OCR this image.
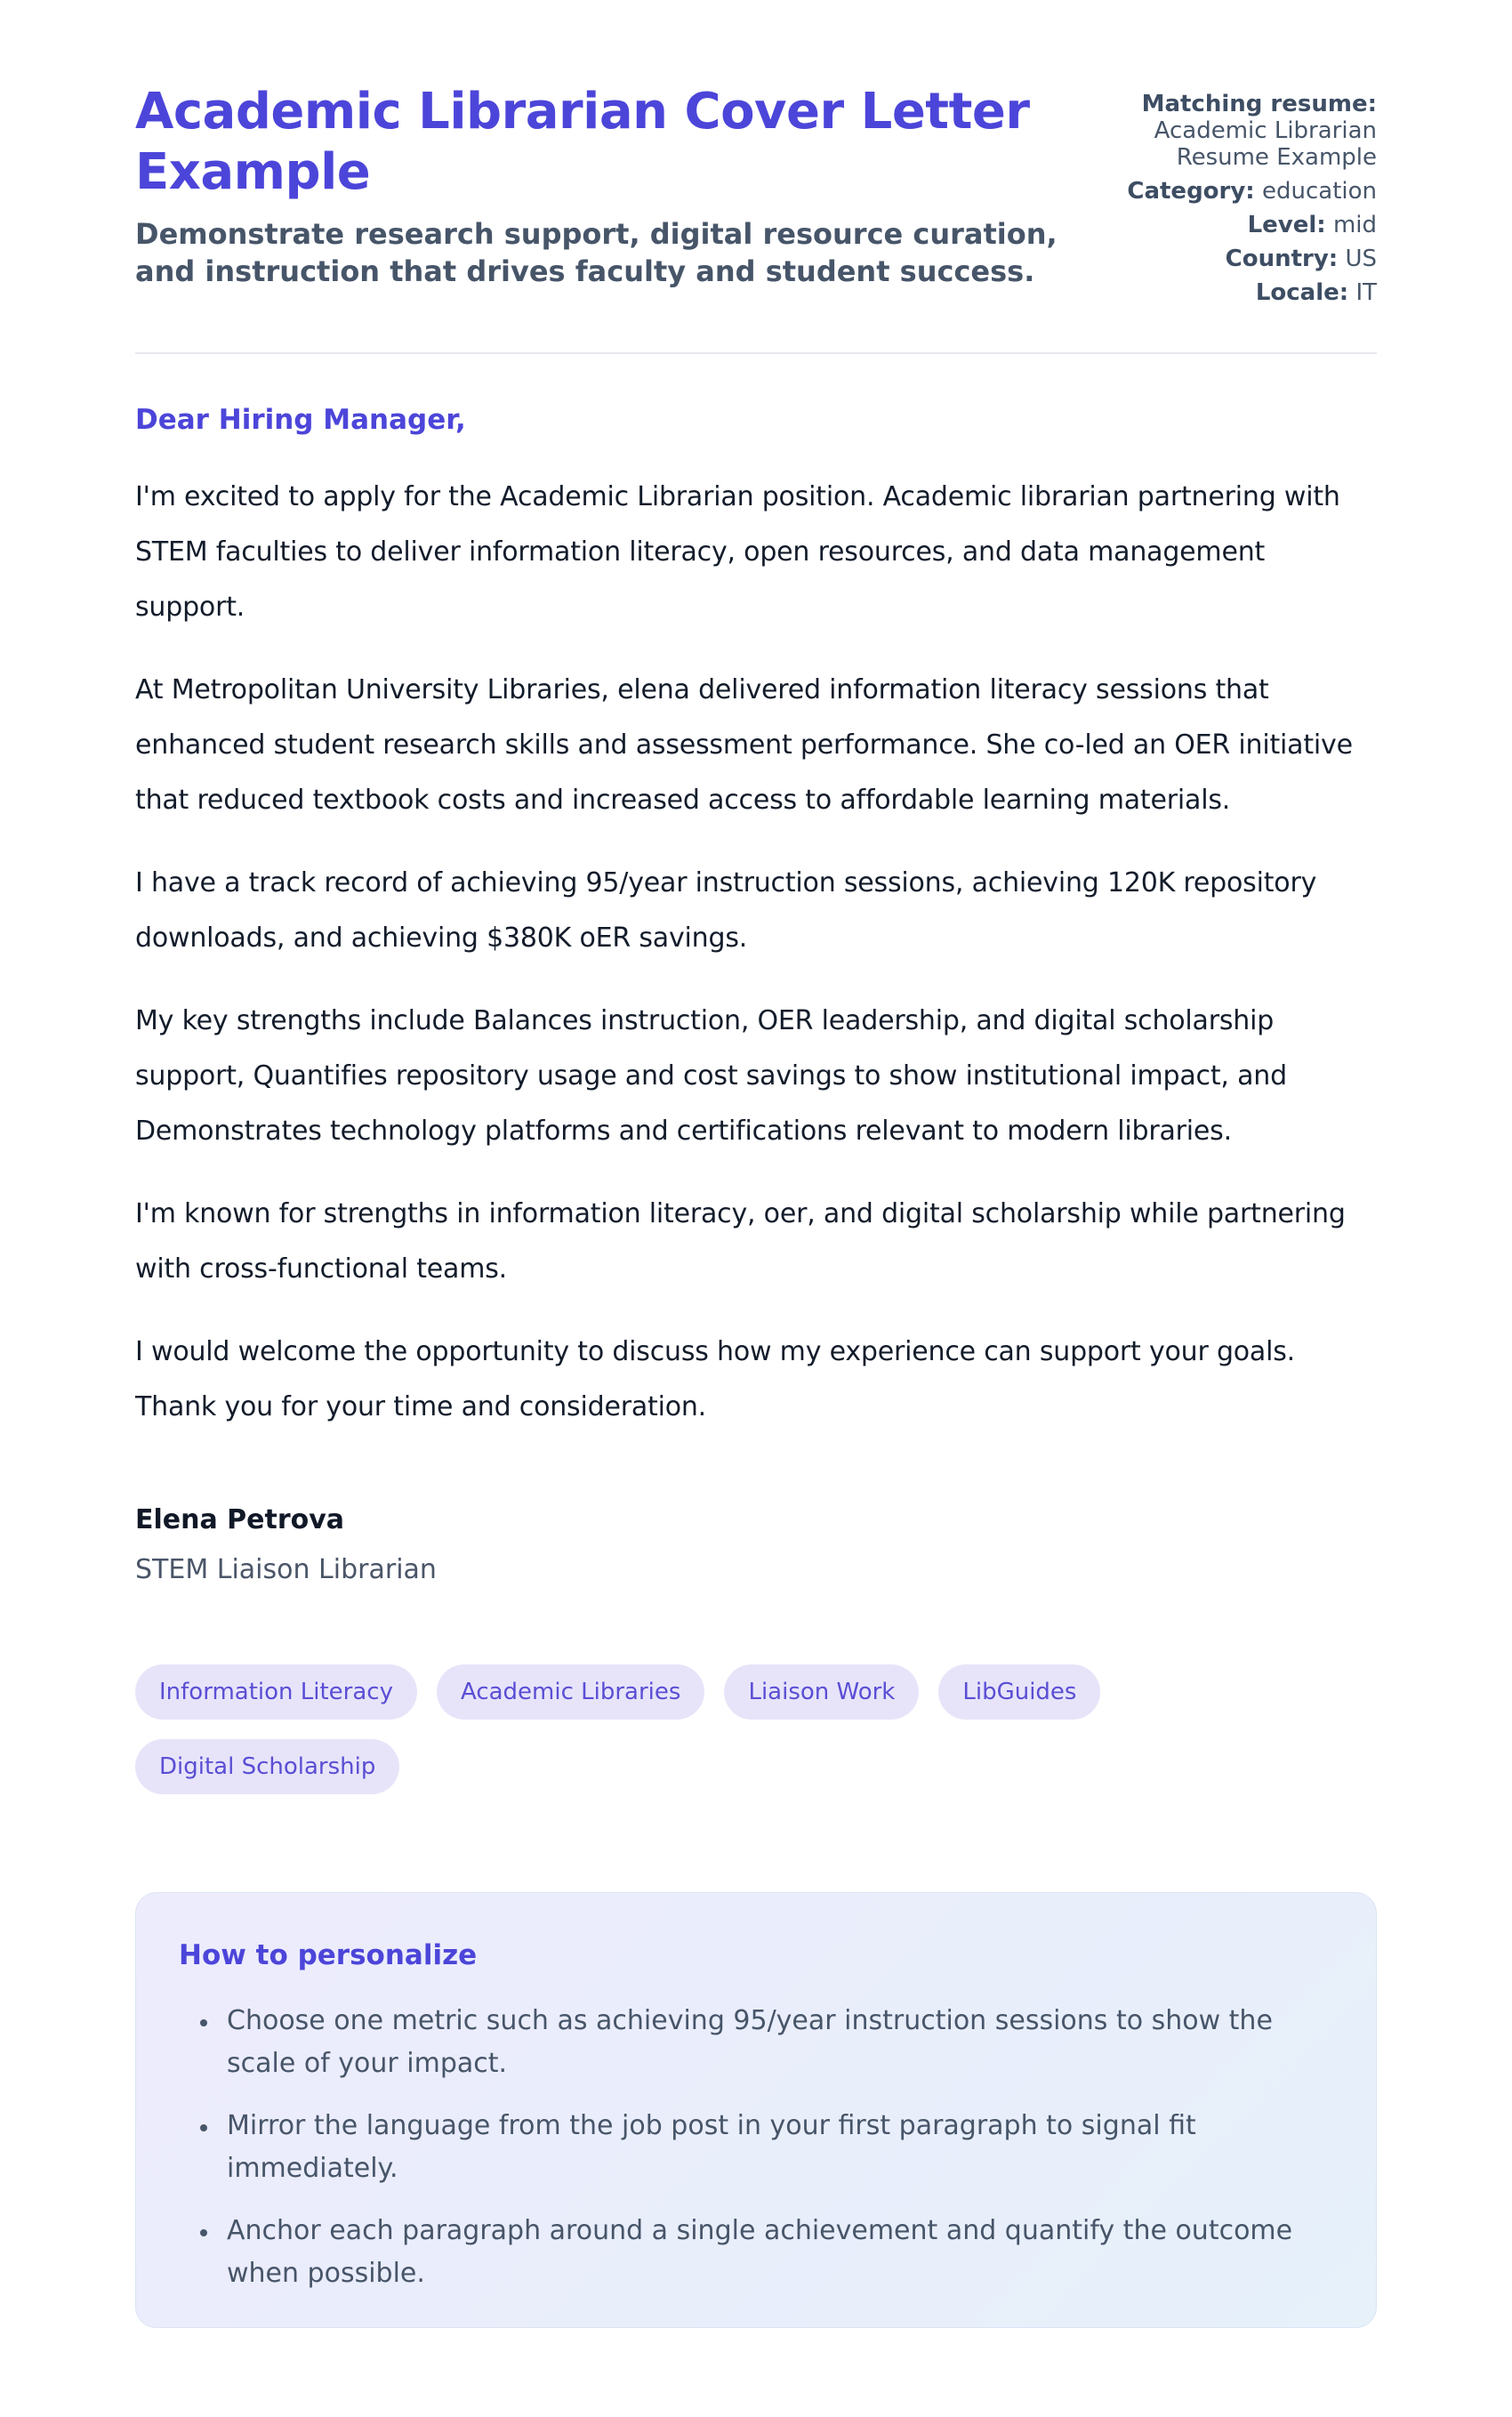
Academic Librarian Cover Letter Example

Demonstrate research support, digital resource curation, and instruction that drives faculty and student success.

Matching resume:
Academic Librarian Resume Example
Category: education
Level: mid
Country: US
Locale: IT

Dear Hiring Manager,

I'm excited to apply for the Academic Librarian position. Academic librarian partnering with STEM faculties to deliver information literacy, open resources, and data management support.

At Metropolitan University Libraries, elena delivered information literacy sessions that enhanced student research skills and assessment performance. She co-led an OER initiative that reduced textbook costs and increased access to affordable learning materials.

I have a track record of achieving 95/year instruction sessions, achieving 120K repository downloads, and achieving $380K oER savings.

My key strengths include Balances instruction, OER leadership, and digital scholarship support, Quantifies repository usage and cost savings to show institutional impact, and Demonstrates technology platforms and certifications relevant to modern libraries.

I'm known for strengths in information literacy, oer, and digital scholarship while partnering with cross-functional teams.

I would welcome the opportunity to discuss how my experience can support your goals. Thank you for your time and consideration.

Elena Petrova

STEM Liaison Librarian

Information Literacy	Academic Libraries	Liaison Work	LibGuides
Digital Scholarship
How to personalize
• Choose one metric such as achieving 95/year instruction sessions to show the scale of your impact.
• Mirror the language from the job post in your first paragraph to signal fit immediately.
• Anchor each paragraph around a single achievement and quantify the outcome when possible.
